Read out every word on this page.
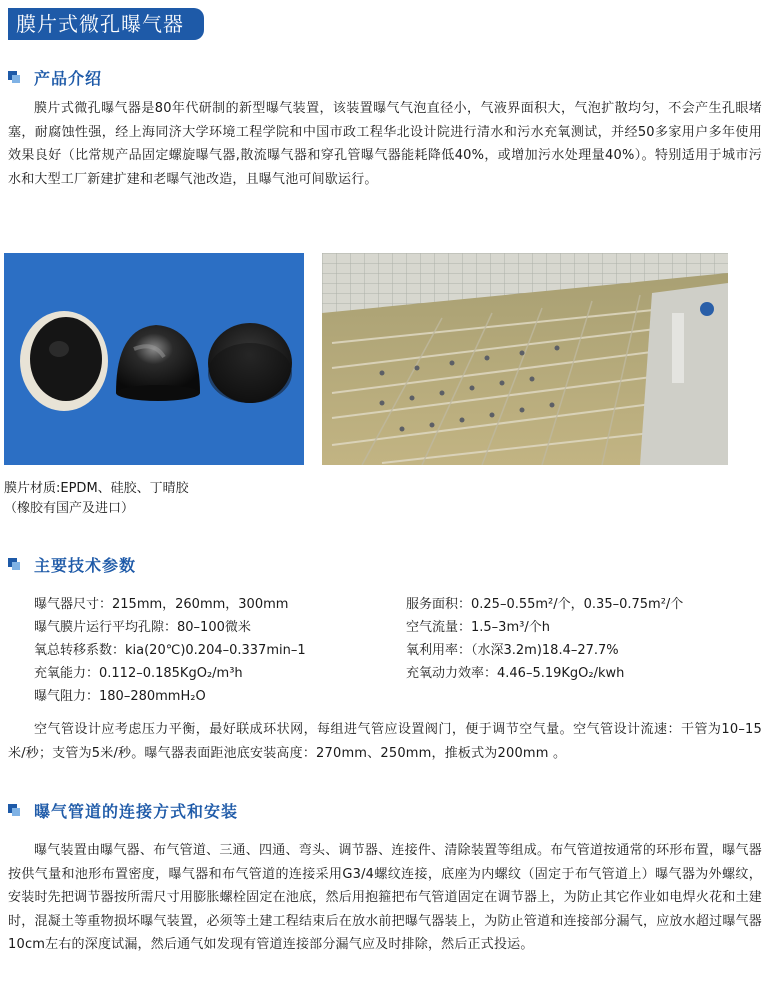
膜片式微孔曝气器
产品介绍
膜片式微孔曝气器是80年代研制的新型曝气装置，该装置曝气气泡直径小，气液界面积大，气泡扩散均匀，不会产生孔眼堵塞，耐腐蚀性强，经上海同济大学环境工程学院和中国市政工程华北设计院进行清水和污水充氧测试，并经50多家用户多年使用效果良好（比常规产品固定螺旋曝气器,散流曝气器和穿孔管曝气器能耗降低40%，或增加污水处理量40%）。特别适用于城市污水和大型工厂新建扩建和老曝气池改造，且曝气池可间歇运行。
膜片材质:EPDM、硅胶、丁晴胶
（橡胶有国产及进口）
主要技术参数
曝气器尺寸：215mm，260mm，300mm
曝气膜片运行平均孔隙：80–100微米
氧总转移系数：kia(20℃)0.204–0.337min–1
充氧能力：0.112–0.185KgO₂/m³h
曝气阻力：180–280mmH₂O
服务面积：0.25–0.55m²/个，0.35–0.75m²/个
空气流量：1.5–3m³/个h
氧利用率：（水深3.2m)18.4–27.7%
充氧动力效率：4.46–5.19KgO₂/kwh
空气管设计应考虑压力平衡，最好联成环状网，每组进气管应设置阀门，便于调节空气量。空气管设计流速：干管为10–15米/秒；支管为5米/秒。曝气器表面距池底安装高度：270mm、250mm，推板式为200mm 。
曝气管道的连接方式和安装
曝气装置由曝气器、布气管道、三通、四通、弯头、调节器、连接件、清除装置等组成。布气管道按通常的环形布置，曝气器按供气量和池形布置密度，曝气器和布气管道的连接采用G3/4螺纹连接，底座为内螺纹（固定于布气管道上）曝气器为外螺纹，安装时先把调节器按所需尺寸用膨胀螺栓固定在池底，然后用抱箍把布气管道固定在调节器上，为防止其它作业如电焊火花和土建时，混凝土等重物损坏曝气装置，必须等土建工程结束后在放水前把曝气器装上，为防止管道和连接部分漏气，应放水超过曝气器10cm左右的深度试漏，然后通气如发现有管道连接部分漏气应及时排除，然后正式投运。
